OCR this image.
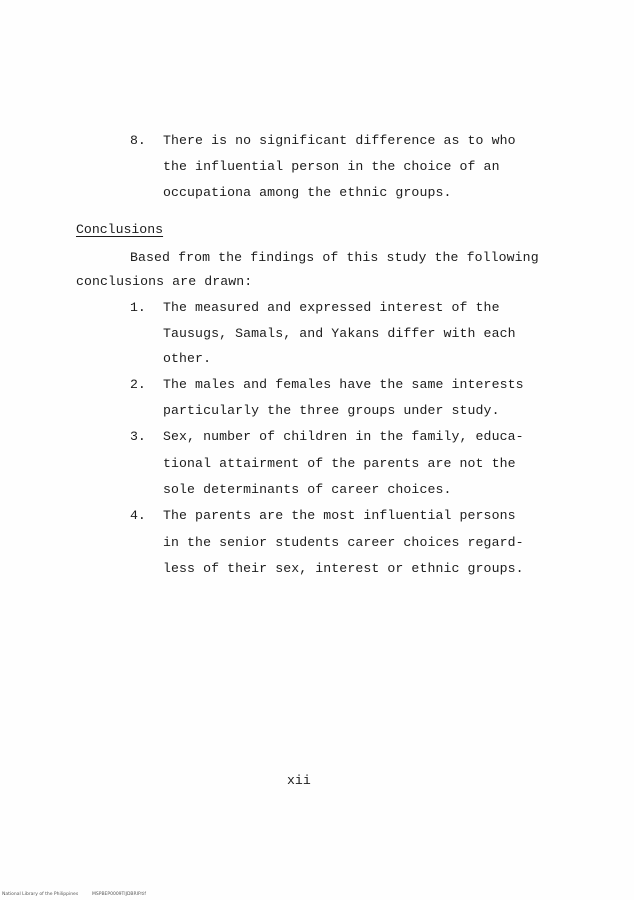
8. There is no significant difference as to who
the influential person in the choice of an
occupationa among the ethnic groups.
Conclusions
Based from the findings of this study the following
conclusions are drawn:
1. The measured and expressed interest of the
Tausugs, Samals, and Yakans differ with each
other.
2. The males and females have the same interests
particularly the three groups under study.
3. Sex, number of children in the family, educa-
tional attairment of the parents are not the
sole determinants of career choices.
4. The parents are the most influential persons
in the senior students career choices regard-
less of their sex, interest or ethnic groups.
xii
National Library of the Philippines	MSPBEP0009TIJDBRIP.tif
